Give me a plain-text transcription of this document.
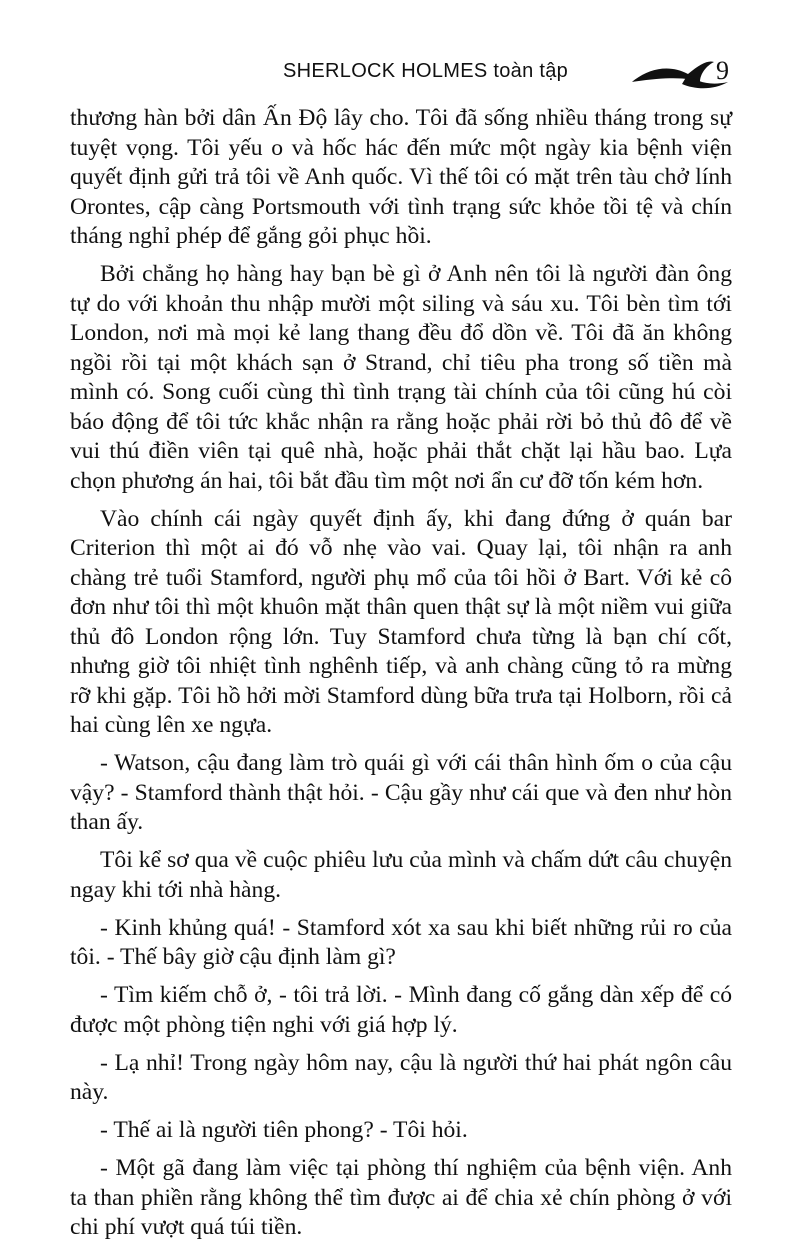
SHERLOCK HOLMES toàn tập	9

thương hàn bởi dân Ấn Độ lây cho. Tôi đã sống nhiều tháng trong sự tuyệt vọng. Tôi yếu o và hốc hác đến mức một ngày kia bệnh viện quyết định gửi trả tôi về Anh quốc. Vì thế tôi có mặt trên tàu chở lính Orontes, cập càng Portsmouth với tình trạng sức khỏe tồi tệ và chín tháng nghỉ phép để gắng gỏi phục hồi.

Bởi chẳng họ hàng hay bạn bè gì ở Anh nên tôi là người đàn ông tự do với khoản thu nhập mười một siling và sáu xu. Tôi bèn tìm tới London, nơi mà mọi kẻ lang thang đều đổ dồn về. Tôi đã ăn không ngồi rồi tại một khách sạn ở Strand, chỉ tiêu pha trong số tiền mà mình có. Song cuối cùng thì tình trạng tài chính của tôi cũng hú còi báo động để tôi tức khắc nhận ra rằng hoặc phải rời bỏ thủ đô để về vui thú điền viên tại quê nhà, hoặc phải thắt chặt lại hầu bao. Lựa chọn phương án hai, tôi bắt đầu tìm một nơi ẩn cư đỡ tốn kém hơn.

Vào chính cái ngày quyết định ấy, khi đang đứng ở quán bar Criterion thì một ai đó vỗ nhẹ vào vai. Quay lại, tôi nhận ra anh chàng trẻ tuổi Stamford, người phụ mổ của tôi hồi ở Bart. Với kẻ cô đơn như tôi thì một khuôn mặt thân quen thật sự là một niềm vui giữa thủ đô London rộng lớn. Tuy Stamford chưa từng là bạn chí cốt, nhưng giờ tôi nhiệt tình nghênh tiếp, và anh chàng cũng tỏ ra mừng rỡ khi gặp. Tôi hồ hởi mời Stamford dùng bữa trưa tại Holborn, rồi cả hai cùng lên xe ngựa.

- Watson, cậu đang làm trò quái gì với cái thân hình ốm o của cậu vậy? - Stamford thành thật hỏi. - Cậu gầy như cái que và đen như hòn than ấy.

Tôi kể sơ qua về cuộc phiêu lưu của mình và chấm dứt câu chuyện ngay khi tới nhà hàng.

- Kinh khủng quá! - Stamford xót xa sau khi biết những rủi ro của tôi. - Thế bây giờ cậu định làm gì?

- Tìm kiếm chỗ ở, - tôi trả lời. - Mình đang cố gắng dàn xếp để có được một phòng tiện nghi với giá hợp lý.

- Lạ nhỉ! Trong ngày hôm nay, cậu là người thứ hai phát ngôn câu này.

- Thế ai là người tiên phong? - Tôi hỏi.

- Một gã đang làm việc tại phòng thí nghiệm của bệnh viện. Anh ta than phiền rằng không thể tìm được ai để chia xẻ chín phòng ở với chi phí vượt quá túi tiền.
